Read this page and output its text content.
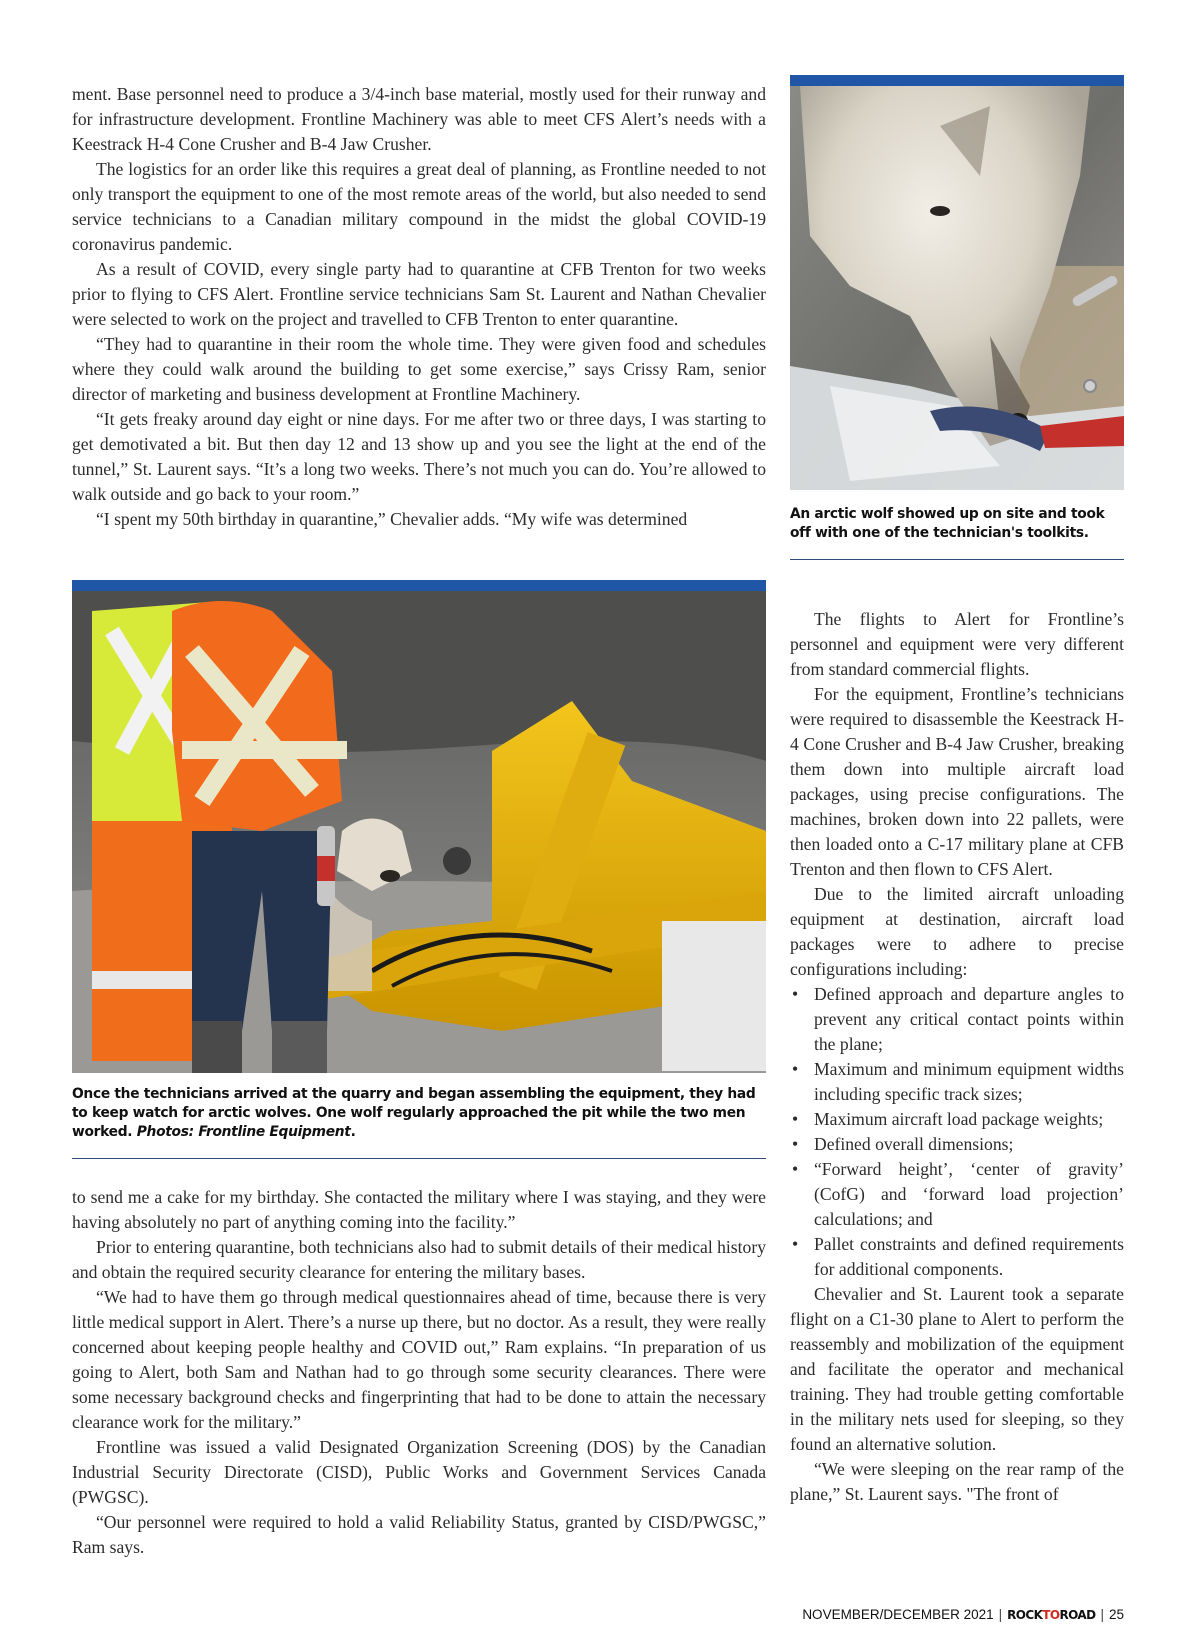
ment. Base personnel need to produce a 3/4-inch base material, mostly used for their runway and for infrastructure development. Frontline Machinery was able to meet CFS Alert’s needs with a Keestrack H-4 Cone Crusher and B-4 Jaw Crusher.

The logistics for an order like this requires a great deal of planning, as Frontline needed to not only transport the equipment to one of the most remote areas of the world, but also needed to send service technicians to a Canadian military compound in the midst the global COVID-19 coronavirus pandemic.

As a result of COVID, every single party had to quarantine at CFB Trenton for two weeks prior to flying to CFS Alert. Frontline service technicians Sam St. Laurent and Nathan Chevalier were selected to work on the project and travelled to CFB Trenton to enter quarantine.

“They had to quarantine in their room the whole time. They were given food and schedules where they could walk around the building to get some exercise,” says Crissy Ram, senior director of marketing and business development at Frontline Machinery.

“It gets freaky around day eight or nine days. For me after two or three days, I was starting to get demotivated a bit. But then day 12 and 13 show up and you see the light at the end of the tunnel,” St. Laurent says. “It’s a long two weeks. There’s not much you can do. You’re allowed to walk outside and go back to your room.”

“I spent my 50th birthday in quarantine,” Chevalier adds. “My wife was determined	An arctic wolf showed up on site and took off with one of the technician's toolkits.
Once the technicians arrived at the quarry and began assembling the equipment, they had to keep watch for arctic wolves. One wolf regularly approached the pit while the two men worked. Photos: Frontline Equipment.

to send me a cake for my birthday. She contacted the military where I was staying, and they were having absolutely no part of anything coming into the facility.”

Prior to entering quarantine, both technicians also had to submit details of their medical history and obtain the required security clearance for entering the military bases.

“We had to have them go through medical questionnaires ahead of time, because there is very little medical support in Alert. There’s a nurse up there, but no doctor. As a result, they were really concerned about keeping people healthy and COVID out,” Ram explains. “In preparation of us going to Alert, both Sam and Nathan had to go through some security clearances. There were some necessary background checks and fingerprinting that had to be done to attain the necessary clearance work for the military.”

Frontline was issued a valid Designated Organization Screening (DOS) by the Canadian Industrial Security Directorate (CISD), Public Works and Government Services Canada (PWGSC).

“Our personnel were required to hold a valid Reliability Status, granted by CISD/PWGSC,” Ram says.

The flights to Alert for Frontline’s personnel and equipment were very different from standard commercial flights.

For the equipment, Frontline’s technicians were required to disassemble the Keestrack H-4 Cone Crusher and B-4 Jaw Crusher, breaking them down into multiple aircraft load packages, using precise configurations. The machines, broken down into 22 pallets, were then loaded onto a C-17 military plane at CFB Trenton and then flown to CFS Alert.

Due to the limited aircraft unloading equipment at destination, aircraft load packages were to adhere to precise configurations including:

• Defined approach and departure angles to prevent any critical contact points within the plane;
• Maximum and minimum equipment widths including specific track sizes;
• Maximum aircraft load package weights;
• Defined overall dimensions;
• “Forward height’, ‘center of gravity’ (CofG) and ‘forward load projection’ calculations; and
• Pallet constraints and defined requirements for additional components.

Chevalier and St. Laurent took a separate flight on a C1-30 plane to Alert to perform the reassembly and mobilization of the equipment and facilitate the operator and mechanical training. They had trouble getting comfortable in the military nets used for sleeping, so they found an alternative solution.

“We were sleeping on the rear ramp of the plane,” St. Laurent says. "The front of

NOVEMBER/DECEMBER 2021 | ROCKTOROAD | 25
